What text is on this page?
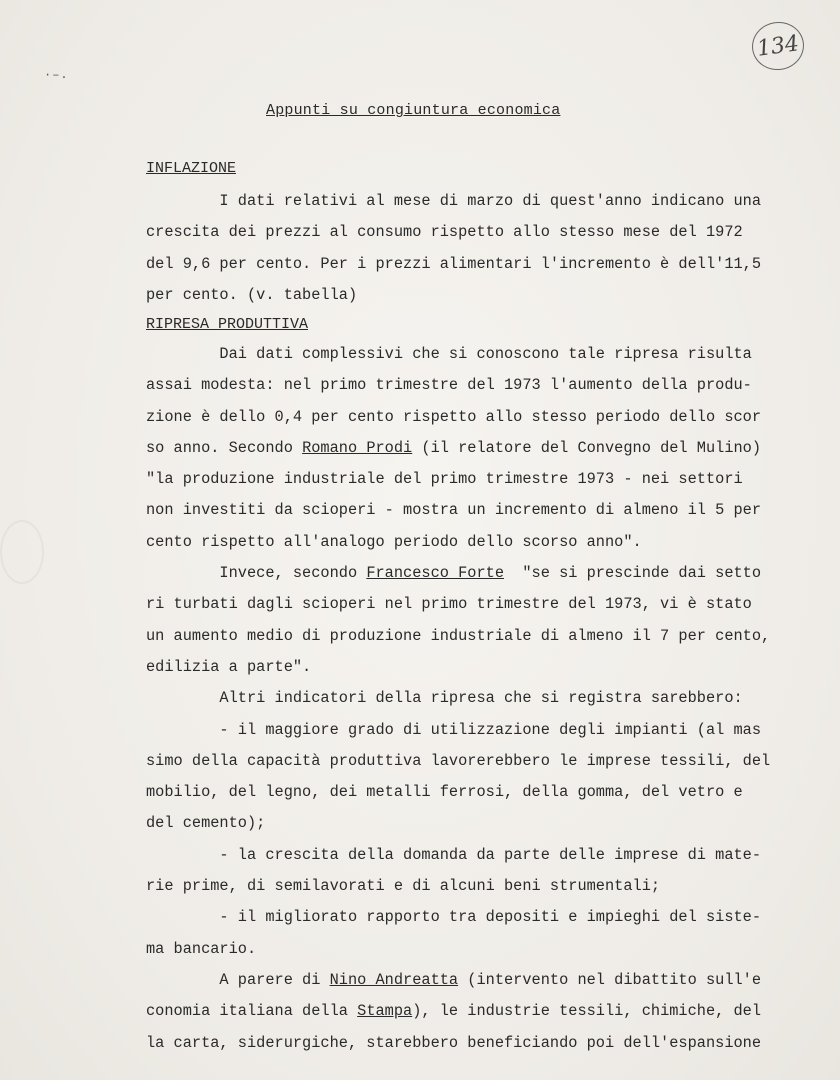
·–.
134
Appunti su congiuntura economica
INFLAZIONE
I dati relativi al mese di marzo di quest'anno indicano una
crescita dei prezzi al consumo rispetto allo stesso mese del 1972
del 9,6 per cento. Per i prezzi alimentari l'incremento è dell'11,5
per cento. (v. tabella)
RIPRESA PRODUTTIVA
Dai dati complessivi che si conoscono tale ripresa risulta
assai modesta: nel primo trimestre del 1973 l'aumento della produ-
zione è dello 0,4 per cento rispetto allo stesso periodo dello scor
so anno. Secondo Romano Prodi (il relatore del Convegno del Mulino)
"la produzione industriale del primo trimestre 1973 - nei settori
non investiti da scioperi - mostra un incremento di almeno il 5 per
cento rispetto all'analogo periodo dello scorso anno".
Invece, secondo Francesco Forte  "se si prescinde dai setto
ri turbati dagli scioperi nel primo trimestre del 1973, vi è stato
un aumento medio di produzione industriale di almeno il 7 per cento,
edilizia a parte".
Altri indicatori della ripresa che si registra sarebbero:
- il maggiore grado di utilizzazione degli impianti (al mas
simo della capacità produttiva lavorerebbero le imprese tessili, del
mobilio, del legno, dei metalli ferrosi, della gomma, del vetro e
del cemento);
- la crescita della domanda da parte delle imprese di mate-
rie prime, di semilavorati e di alcuni beni strumentali;
- il migliorato rapporto tra depositi e impieghi del siste-
ma bancario.
A parere di Nino Andreatta (intervento nel dibattito sull'e
conomia italiana della Stampa), le industrie tessili, chimiche, del
la carta, siderurgiche, starebbero beneficiando poi dell'espansione
